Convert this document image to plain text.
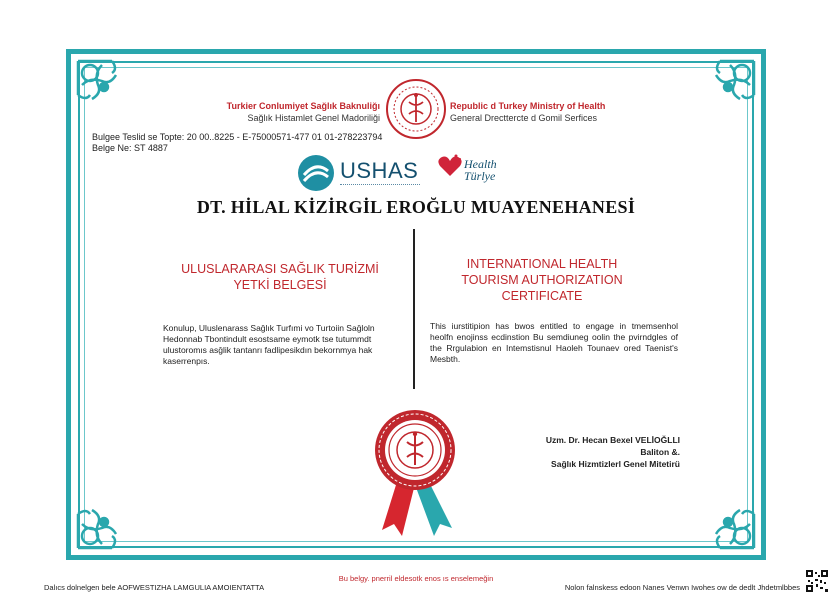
Turkier Conlumiyet Sağlık Baknuliğı
Sağlık Histamlet Genel Madoriliği
Republic d Turkey Ministry of Health
General Drecttercte d Gomil Serfices
Bulgee Teslid se Topte: 20 00..8225 - E-75000571-477 01 01-278223794
Belge Ne: ST 4887
USHAS	Health
Türlye
DT. HİLAL KİZİRGİL EROĞLU MUAYENEHANESİ
ULUSLARARASI SAĞLIK TURİZMİ
YETKİ BELGESİ
INTERNATIONAL HEALTH
TOURISM AUTHORIZATION
CERTIFICATE
Konulup, Uluslenarass Sağlık Turfımi vo Turtoiin Sağloln Hedonnab Tbontindult esostsame eymotk tse tutummdt ulustoromıs asğlik tantanrı fadlipesikdın bekornmya hak kaserrenpıs.
This iurstitipion has bwos entitled to engage in tmemsenhol heolfn enojinss ecdinstion Bu semdiuneg oolin the pvirndgles of the Rrgulabion en Intemstisnul Haoleh Tounaev ored Taenist's Mesbth.
Uzm. Dr. Hecan Bexel VELİOĞLLI
Baliton &.
Sağlık Hizmtizlerl Genel Mitetirü
Dalıcs dolnelgen bele AOFWESTIZHA LAMGULIA AMOIENTATTA
Bu belgy. pnerril eldesotk enos ıs enselemeğin
Nolon falnskess edoon Nanes Venwn Iwohes ow de dedlt Jhdetmlbbes
